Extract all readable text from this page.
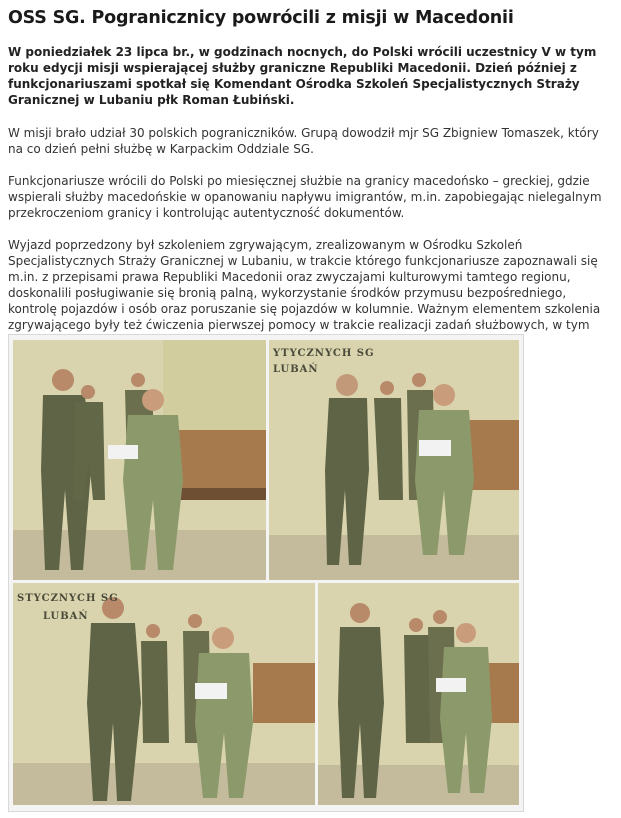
OSS SG. Pogranicznicy powrócili z misji w Macedonii

W poniedziałek 23 lipca br., w godzinach nocnych, do Polski wrócili uczestnicy V w tym roku edycji misji wspierającej służby graniczne Republiki Macedonii. Dzień później z funkcjonariuszami spotkał się Komendant Ośrodka Szkoleń Specjalistycznych Straży Granicznej w Lubaniu płk Roman Łubiński.

W misji brało udział 30 polskich pograniczników. Grupą dowodził mjr SG Zbigniew Tomaszek, który na co dzień pełni służbę w Karpackim Oddziale SG.

Funkcjonariusze wrócili do Polski po miesięcznej służbie na granicy macedońsko – greckiej, gdzie wspierali służby macedońskie w opanowaniu napływu imigrantów, m.in. zapobiegając nielegalnym przekroczeniom granicy i kontrolując autentyczność dokumentów.

Wyjazd poprzedzony był szkoleniem zgrywającym, zrealizowanym w Ośrodku Szkoleń Specjalistycznych Straży Granicznej w Lubaniu, w trakcie którego funkcjonariusze zapoznawali się m.in. z przepisami prawa Republiki Macedonii oraz zwyczajami kulturowymi tamtego regionu, doskonalili posługiwanie się bronią palną, wykorzystanie środków przymusu bezpośredniego, kontrolę pojazdów i osób oraz poruszanie się pojazdów w kolumnie. Ważnym elementem szkolenia zgrywającego były też ćwiczenia pierwszej pomocy w trakcie realizacji zadań służbowych, w tym

YTYCZNYCH SG
LUBAŃ
STYCZNYCH SG
LUBAŃ
